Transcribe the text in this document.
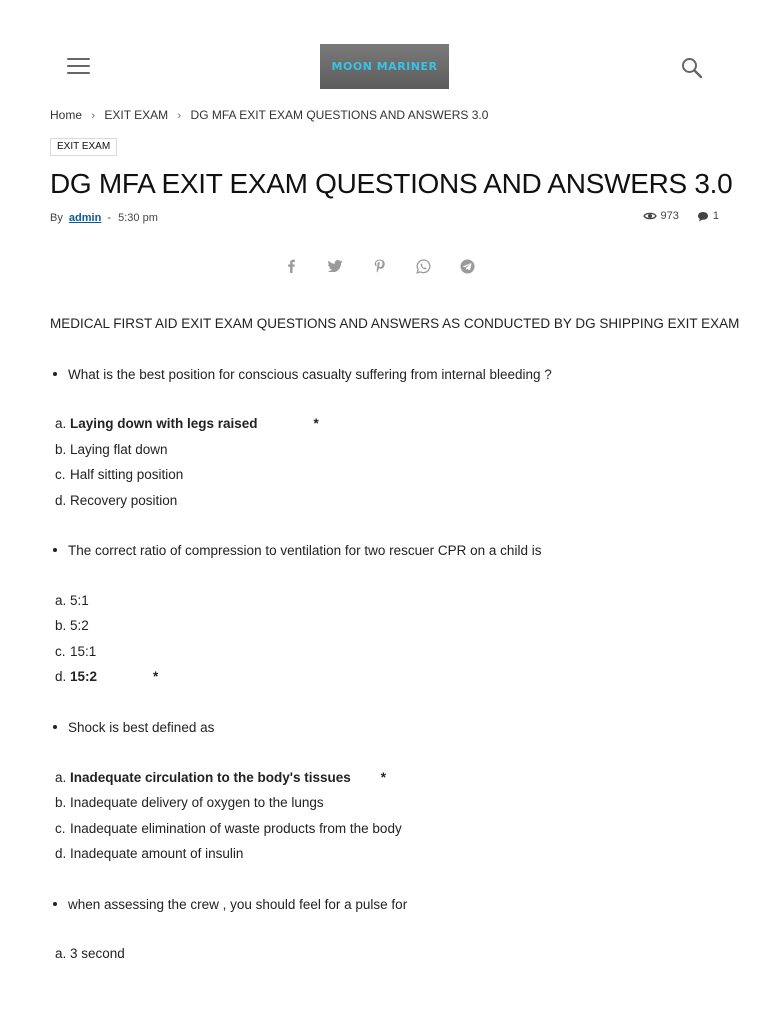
MOON MARINER
Home › EXIT EXAM › DG MFA EXIT EXAM QUESTIONS AND ANSWERS 3.0
EXIT EXAM
DG MFA EXIT EXAM QUESTIONS AND ANSWERS 3.0
By admin - 5:30 pm	973	1

MEDICAL FIRST AID EXIT EXAM QUESTIONS AND ANSWERS AS CONDUCTED BY DG SHIPPING EXIT EXAM

What is the best position for conscious casualty suffering from internal bleeding ?
a. Laying down with legs raised	*
b. Laying flat down
c. Half sitting position
d. Recovery position
The correct ratio of compression to ventilation for two rescuer CPR on a child is
a. 5:1
b. 5:2
c. 15:1
d. 15:2	*
Shock is best defined as
a. Inadequate circulation to the body's tissues *
b. Inadequate delivery of oxygen to the lungs
c. Inadequate elimination of waste products from the body
d. Inadequate amount of insulin
when assessing the crew , you should feel for a pulse for
a. 3 second
